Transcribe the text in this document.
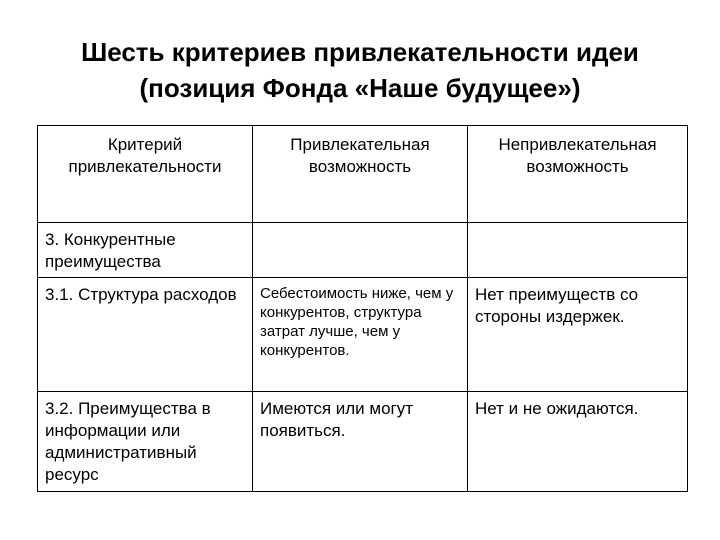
Шесть критериев привлекательности идеи
(позиция Фонда «Наше будущее»)
Критерий привлекательности	Привлекательная возможность	Непривлекательная возможность
3. Конкурентные преимущества		
3.1. Структура расходов	Себестоимость ниже, чем у конкурентов, структура затрат лучше, чем у конкурентов.	Нет преимуществ со стороны издержек.
3.2. Преимущества в информации или административный ресурс	Имеются или могут появиться.	Нет и не ожидаются.
